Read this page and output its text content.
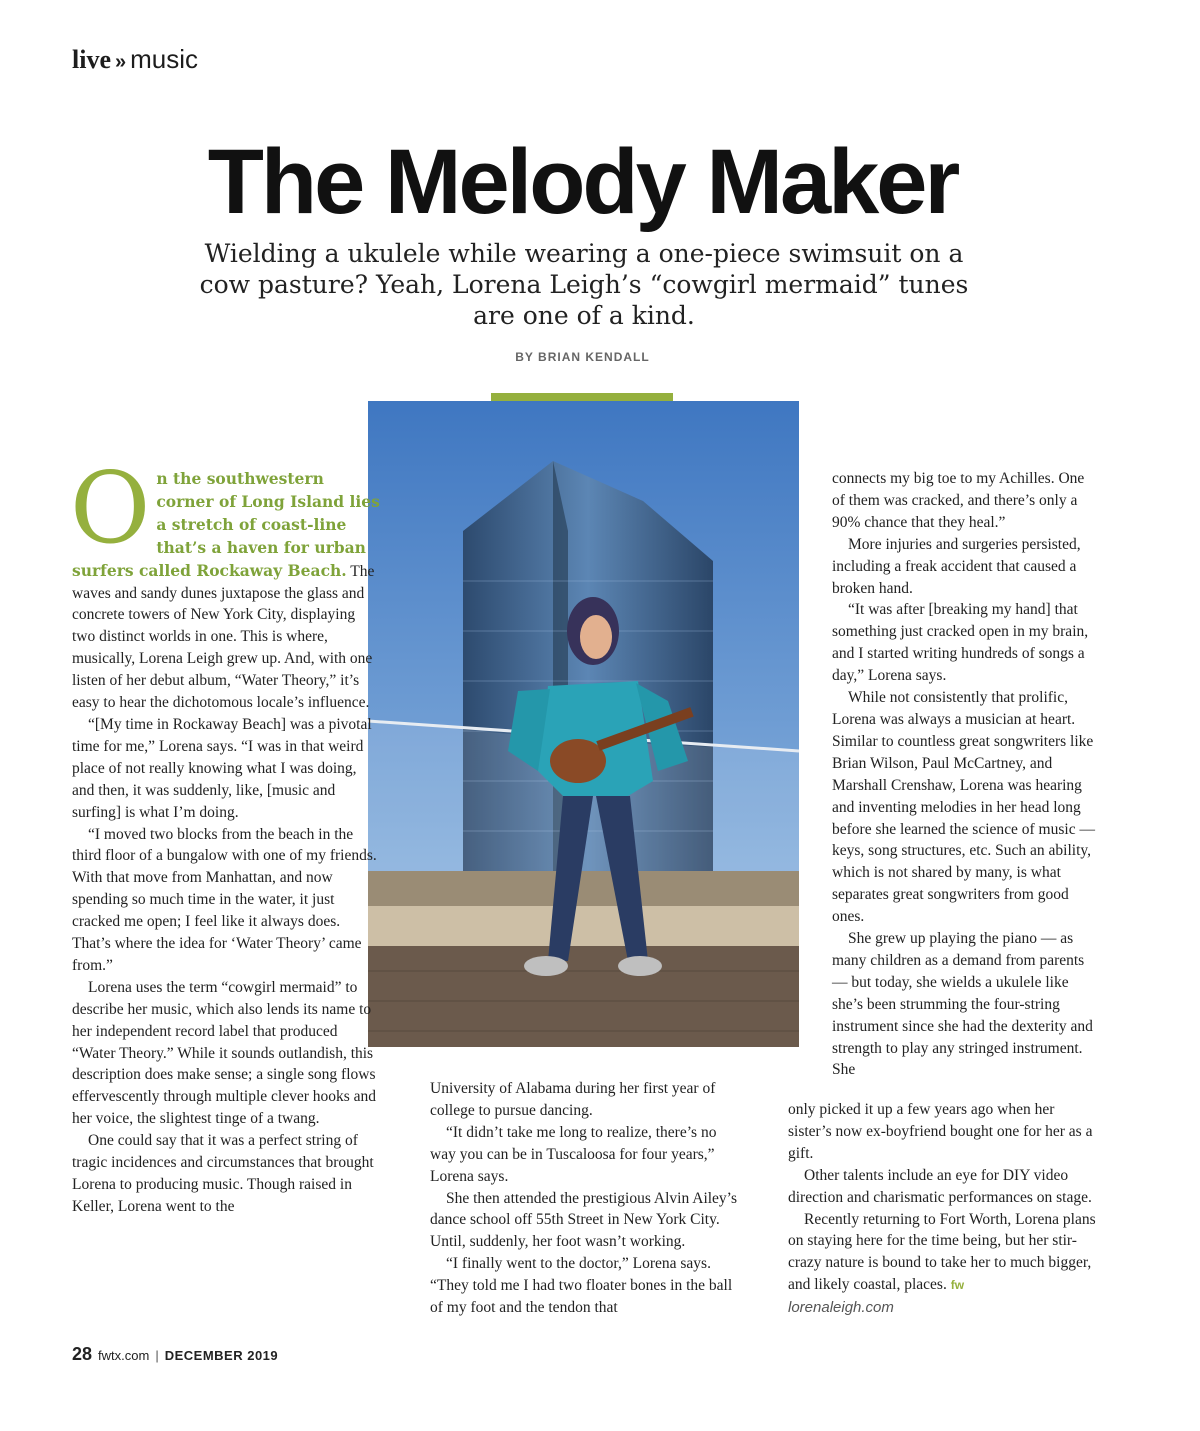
live » music
The Melody Maker

Wielding a ukulele while wearing a one-piece swimsuit on a cow pasture? Yeah, Lorena Leigh’s “cowgirl mermaid” tunes are one of a kind.

BY BRIAN KENDALL

On the southwestern corner of Long Island lies a stretch of coast-line that’s a haven for urban surfers called Rockaway Beach. The waves and sandy dunes juxtapose the glass and concrete towers of New York City, displaying two distinct worlds in one. This is where, musically, Lorena Leigh grew up. And, with one listen of her debut album, “Water Theory,” it’s easy to hear the dichotomous locale’s influence.

“[My time in Rockaway Beach] was a pivotal time for me,” Lorena says. “I was in that weird place of not really knowing what I was doing, and then, it was suddenly, like, [music and surfing] is what I’m doing.

“I moved two blocks from the beach in the third floor of a bungalow with one of my friends. With that move from Manhattan, and now spending so much time in the water, it just cracked me open; I feel like it always does. That’s where the idea for ‘Water Theory’ came from.”

Lorena uses the term “cowgirl mermaid” to describe her music, which also lends its name to her independent record label that produced “Water Theory.” While it sounds outlandish, this description does make sense; a single song flows effervescently through multiple clever hooks and her voice, the slightest tinge of a twang.

One could say that it was a perfect string of tragic incidences and circumstances that brought Lorena to producing music. Though raised in Keller, Lorena went to the

University of Alabama during her first year of college to pursue dancing.

“It didn’t take me long to realize, there’s no way you can be in Tuscaloosa for four years,” Lorena says.

She then attended the prestigious Alvin Ailey’s dance school off 55th Street in New York City. Until, suddenly, her foot wasn’t working.

“I finally went to the doctor,” Lorena says. “They told me I had two floater bones in the ball of my foot and the tendon that

connects my big toe to my Achilles. One of them was cracked, and there’s only a 90% chance that they heal.”

More injuries and surgeries persisted, including a freak accident that caused a broken hand.

“It was after [breaking my hand] that something just cracked open in my brain, and I started writing hundreds of songs a day,” Lorena says.

While not consistently that prolific, Lorena was always a musician at heart. Similar to countless great songwriters like Brian Wilson, Paul McCartney, and Marshall Crenshaw, Lorena was hearing and inventing melodies in her head long before she learned the science of music — keys, song structures, etc. Such an ability, which is not shared by many, is what separates great songwriters from good ones.

She grew up playing the piano — as many children as a demand from parents — but today, she wields a ukulele like she’s been strumming the four-string instrument since she had the dexterity and strength to play any stringed instrument. She

only picked it up a few years ago when her sister’s now ex-boyfriend bought one for her as a gift.

Other talents include an eye for DIY video direction and charismatic performances on stage.

Recently returning to Fort Worth, Lorena plans on staying here for the time being, but her stir-crazy nature is bound to take her to much bigger, and likely coastal, places. fw

lorenaleigh.com

28 fwtx.com | DECEMBER 2019
